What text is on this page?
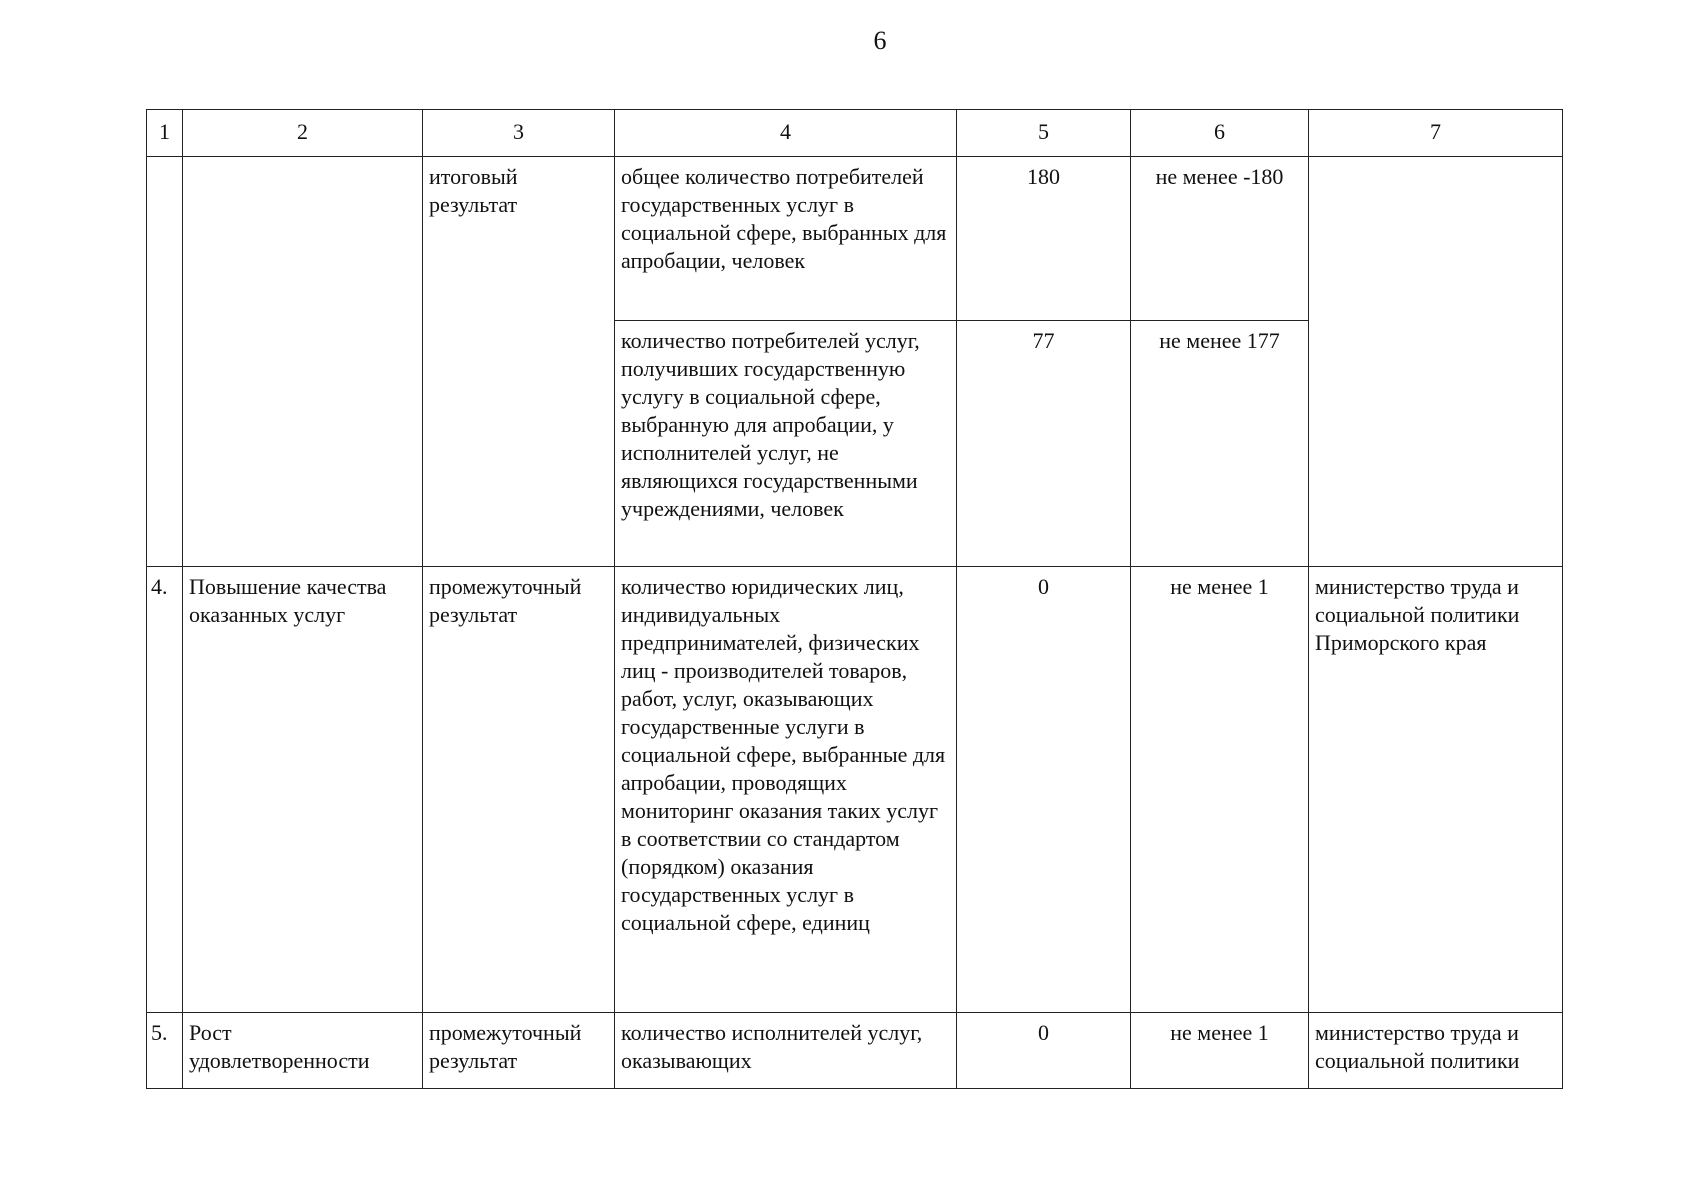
6
1	2	3	4	5	6	7
		итоговый результат	общее количество потребителей государственных услуг в социальной сфере, выбранных для апробации, человек	180	не менее -180	
			количество потребителей услуг, получивших государственную услугу в социальной сфере, выбранную для апробации, у исполнителей услуг, не являющихся государственными учреждениями, человек	77	не менее 177	
4.	Повышение качества оказанных услуг	промежуточный результат	количество юридических лиц, индивидуальных предпринимателей, физических лиц - производителей товаров, работ, услуг, оказывающих государственные услуги в социальной сфере, выбранные для апробации, проводящих мониторинг оказания таких услуг в соответствии со стандартом (порядком) оказания государственных услуг в социальной сфере, единиц	0	не менее 1	министерство труда и социальной политики Приморского края
5.	Рост удовлетворенности	промежуточный результат	количество исполнителей услуг, оказывающих	0	не менее 1	министерство труда и социальной политики
